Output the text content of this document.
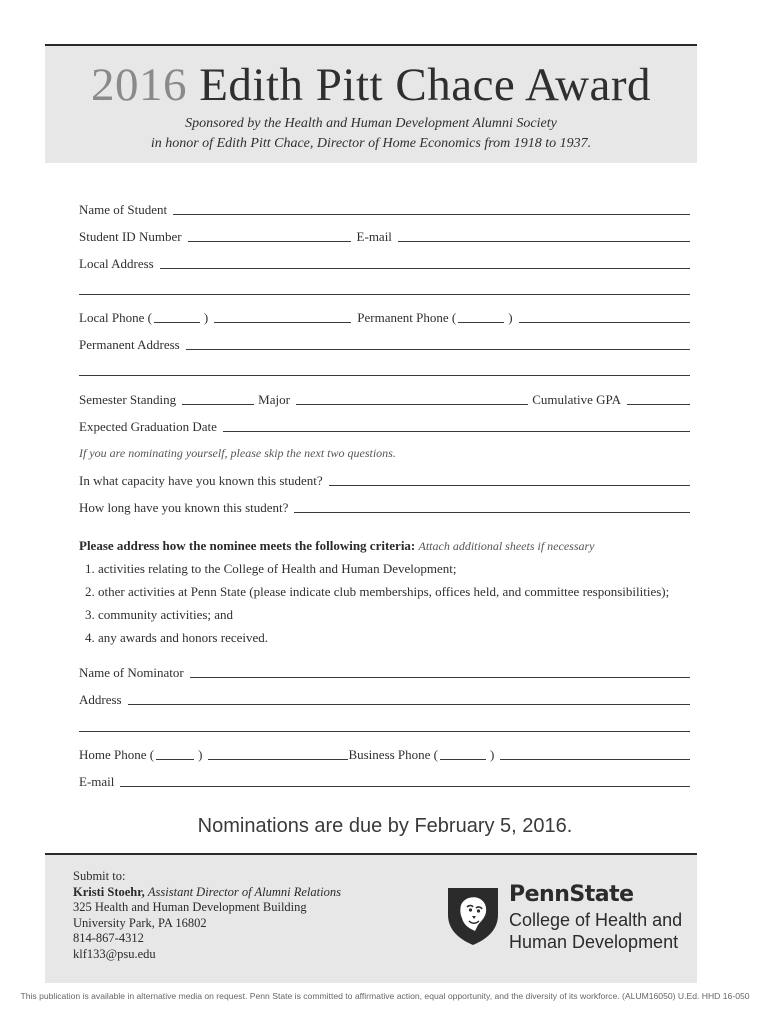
2016 Edith Pitt Chace Award
Sponsored by the Health and Human Development Alumni Society
in honor of Edith Pitt Chace, Director of Home Economics from 1918 to 1937.
Name of Student
Student ID Number	E-mail
Local Address
Local Phone (	)	Permanent Phone (	)
Permanent Address
Semester Standing	Major	Cumulative GPA
Expected Graduation Date
If you are nominating yourself, please skip the next two questions.
In what capacity have you known this student?
How long have you known this student?
Please address how the nominee meets the following criteria: Attach additional sheets if necessary
1. activities relating to the College of Health and Human Development;
2. other activities at Penn State (please indicate club memberships, offices held, and committee responsibilities);
3. community activities; and
4. any awards and honors received.
Name of Nominator
Address
Home Phone (	)	Business Phone (	)
E-mail
Nominations are due by February 5, 2016.
Submit to:
Kristi Stoehr, Assistant Director of Alumni Relations
325 Health and Human Development Building
University Park, PA 16802
814-867-4312
klf133@psu.edu
PennState
College of Health and
Human Development
This publication is available in alternative media on request. Penn State is committed to affirmative action, equal opportunity, and the diversity of its workforce. (ALUM16050) U.Ed. HHD 16-050
